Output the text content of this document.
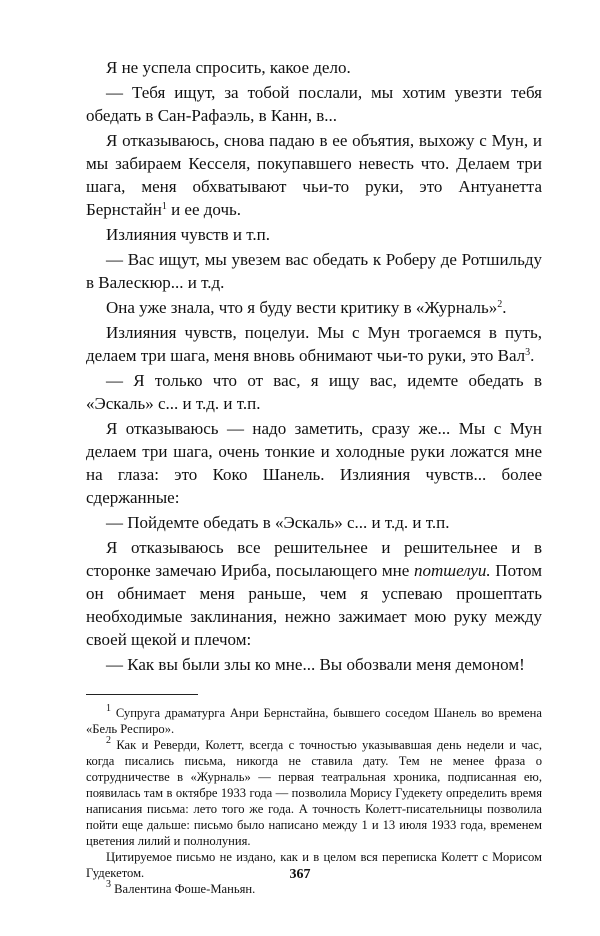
Я не успела спросить, какое дело.

— Тебя ищут, за тобой послали, мы хотим увезти тебя обедать в Сан-Рафаэль, в Канн, в...

Я отказываюсь, снова падаю в ее объятия, выхожу с Мун, и мы забираем Кесселя, покупавшего невесть что. Делаем три шага, меня обхватывают чьи-то руки, это Антуанетта Бернстайн$^1$ и ее дочь.

Излияния чувств и т.п.

— Вас ищут, мы увезем вас обедать к Роберу де Ротшильду в Валескюр... и т.д.

Она уже знала, что я буду вести критику в «Журналь»$^2$.

Излияния чувств, поцелуи. Мы с Мун трогаемся в путь, делаем три шага, меня вновь обнимают чьи-то руки, это Вал$^3$.

— Я только что от вас, я ищу вас, идемте обедать в «Эскаль» с... и т.д. и т.п.

Я отказываюсь — надо заметить, сразу же... Мы с Мун делаем три шага, очень тонкие и холодные руки ложатся мне на глаза: это Коко Шанель. Излияния чувств... более сдержанные:

— Пойдемте обедать в «Эскаль» с... и т.д. и т.п.

Я отказываюсь все решительнее и решительнее и в сторонке замечаю Ириба, посылающего мне потшелуи. Потом он обнимает меня раньше, чем я успеваю прошептать необходимые заклинания, нежно зажимает мою руку между своей щекой и плечом:

— Как вы были злы ко мне... Вы обозвали меня демоном!

$^1$ Супруга драматурга Анри Бернстайна, бывшего соседом Шанель во времена «Бель Респиро».

$^2$ Как и Реверди, Колетт, всегда с точностью указывавшая день недели и час, когда писались письма, никогда не ставила дату. Тем не менее фраза о сотрудничестве в «Журналь» — первая театральная хроника, подписанная ею, появилась там в октябре 1933 года — позволила Морису Гудекету определить время написания письма: лето того же года. А точность Колетт-писательницы позволила пойти еще дальше: письмо было написано между 1 и 13 июля 1933 года, временем цветения лилий и полнолуния.

Цитируемое письмо не издано, как и в целом вся переписка Колетт с Морисом Гудекетом.

$^3$ Валентина Фоше-Маньян.

367
